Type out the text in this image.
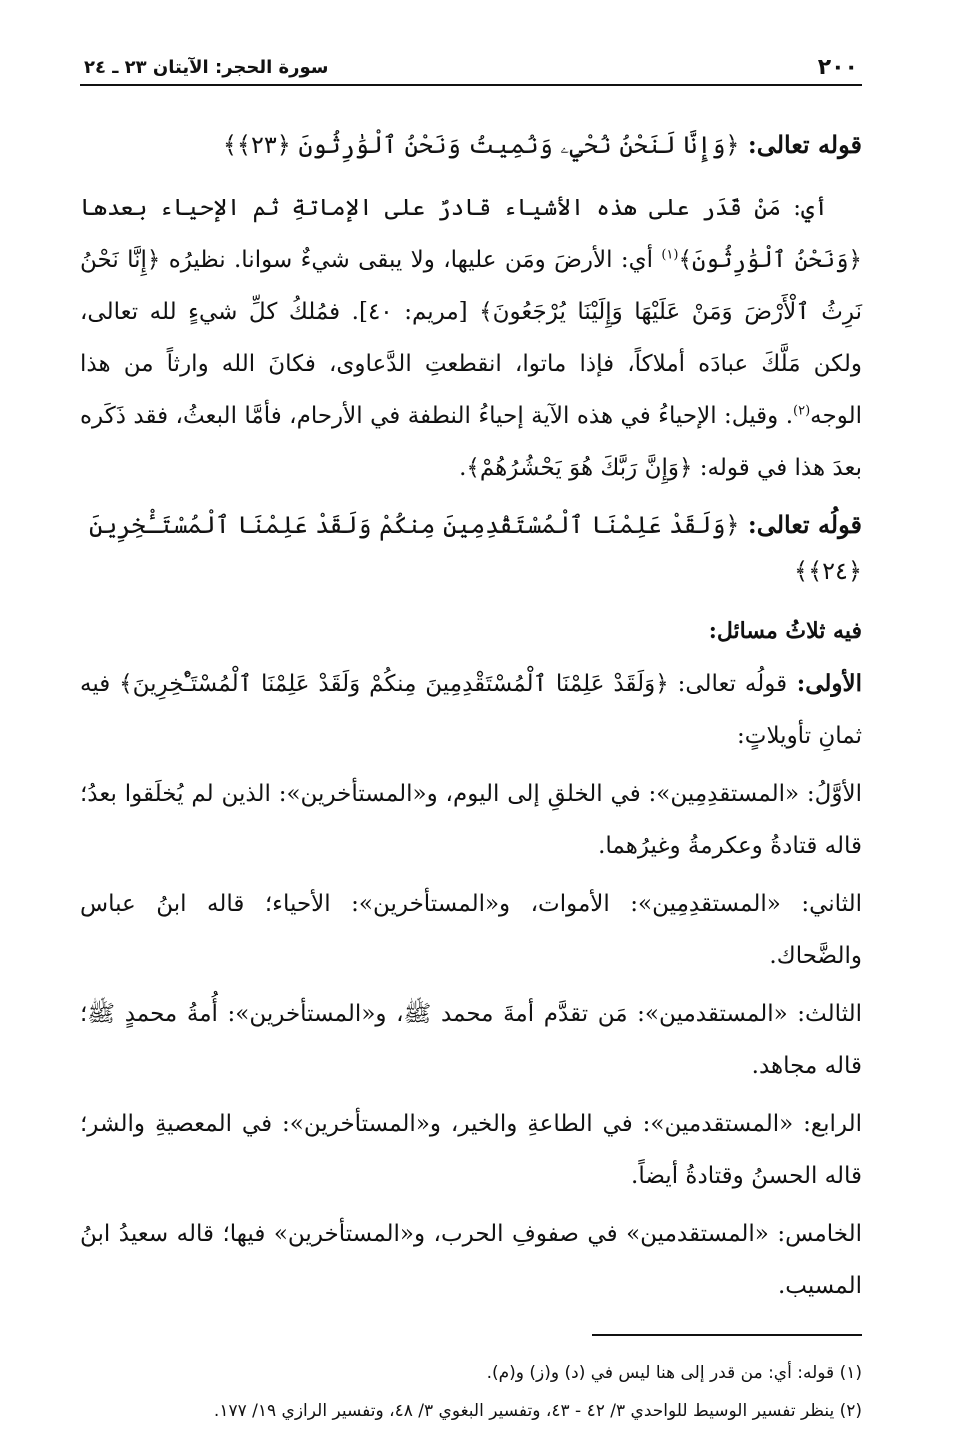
٢٠٠
سورة الحجر: الآيتان ٢٣ ـ ٢٤

قوله تعالى: ﴿وَإِنَّا لَنَحْنُ نُحْيِۦ وَنُمِيتُ وَنَحْنُ ٱلْوَٰرِثُونَ ﴿٢٣﴾﴾

أي: مَنْ قَدَر على هذه الأشياء قادرٌ على الإماتةِ ثم الإحياء بعدها ﴿وَنَحْنُ ٱلْوَٰرِثُونَ﴾$^{(١)}$ أي: الأرضَ ومَن عليها، ولا يبقى شيءٌ سوانا. نظيرُه ﴿إِنَّا نَحْنُ نَرِثُ ٱلْأَرْضَ وَمَنْ عَلَيْهَا وَإِلَيْنَا يُرْجَعُونَ﴾ [مريم: ٤٠]. فمُلكُ كلِّ شيءٍ لله تعالى، ولكن مَلَّكَ عبادَه أملاكاً، فإذا ماتوا، انقطعتِ الدَّعاوى، فكانَ الله وارثاً من هذا الوجه$^{(٢)}$. وقيل: الإحياءُ في هذه الآية إحياءُ النطفة في الأرحام، فأمَّا البعثُ، فقد ذَكَره بعدَ هذا في قوله: ﴿وَإِنَّ رَبَّكَ هُوَ يَحْشُرُهُمْ﴾.

قولُه تعالى: ﴿وَلَقَدْ عَلِمْنَا ٱلْمُسْتَقْدِمِينَ مِنكُمْ وَلَقَدْ عَلِمْنَا ٱلْمُسْتَـْٔخِرِينَ ﴿٢٤﴾﴾

فيه ثلاثُ مسائل:

الأولى: قولُه تعالى: ﴿وَلَقَدْ عَلِمْنَا ٱلْمُسْتَقْدِمِينَ مِنكُمْ وَلَقَدْ عَلِمْنَا ٱلْمُسْتَـْٔخِرِينَ﴾ فيه ثمانِ تأويلاتٍ:

الأوَّلُ: «المستقدِمِين»: في الخلقِ إلى اليوم، و«المستأخرين»: الذين لم يُخلَقوا بعدُ؛ قاله قتادةُ وعكرمةُ وغيرُهما.

الثاني: «المستقدِمِين»: الأموات، و«المستأخرين»: الأحياء؛ قاله ابنُ عباس والضَّحاك.

الثالث: «المستقدمين»: مَن تقدَّم أمةَ محمد ﷺ، و«المستأخرين»: أُمةُ محمدٍ ﷺ؛ قاله مجاهد.

الرابع: «المستقدمين»: في الطاعةِ والخير، و«المستأخرين»: في المعصيةِ والشر؛ قاله الحسنُ وقتادةُ أيضاً.

الخامس: «المستقدمين» في صفوفِ الحرب، و«المستأخرين» فيها؛ قاله سعيدُ ابنُ المسيب.

(١) قوله: أي: من قدر إلى هنا ليس في (د) و(ز) و(م).

(٢) ينظر تفسير الوسيط للواحدي ٣/ ٤٢ - ٤٣، وتفسير البغوي ٣/ ٤٨، وتفسير الرازي ١٩/ ١٧٧.
